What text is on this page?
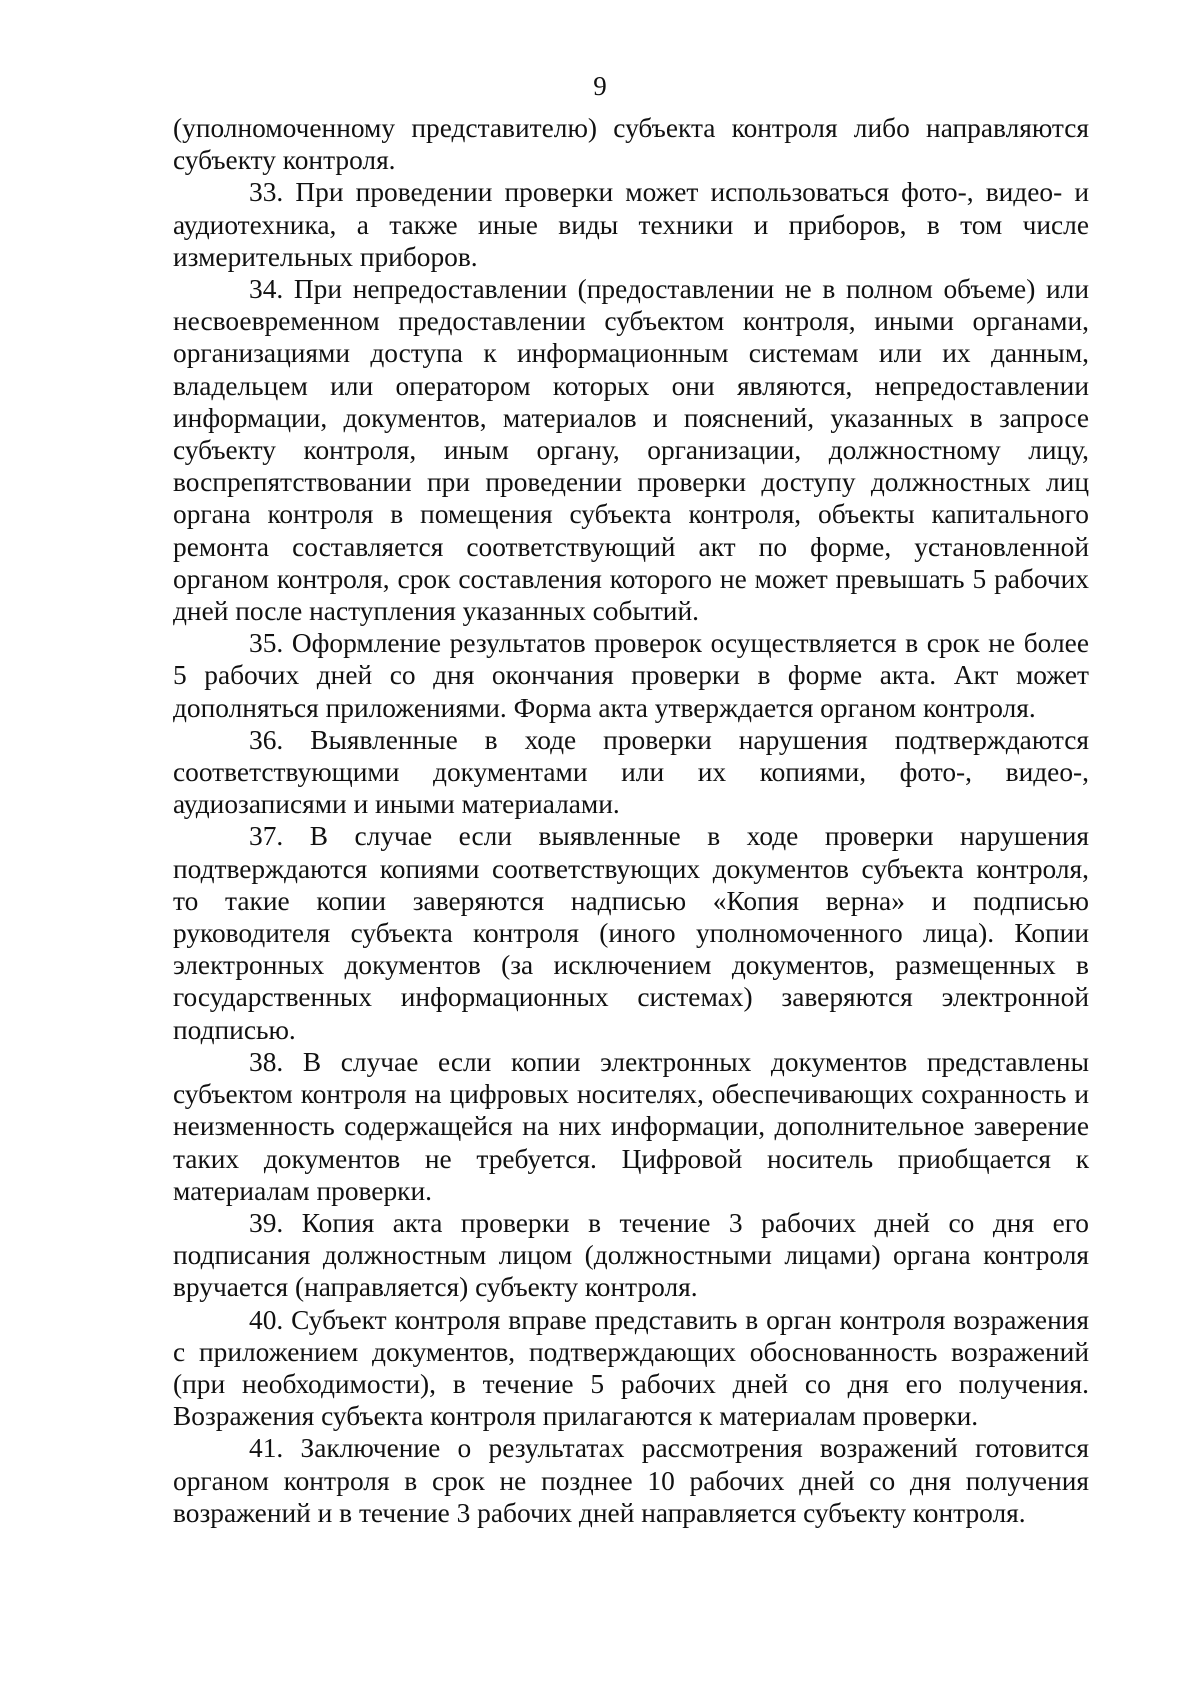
9

(уполномоченному представителю) субъекта контроля либо направляются субъекту контроля.

33. При проведении проверки может использоваться фото-, видео- и аудиотехника, а также иные виды техники и приборов, в том числе измерительных приборов.

34. При непредоставлении (предоставлении не в полном объеме) или несвоевременном предоставлении субъектом контроля, иными органами, организациями доступа к информационным системам или их данным, владельцем или оператором которых они являются, непредоставлении информации, документов, материалов и пояснений, указанных в запросе субъекту контроля, иным органу, организации, должностному лицу, воспрепятствовании при проведении проверки доступу должностных лиц органа контроля в помещения субъекта контроля, объекты капитального ремонта составляется соответствующий акт по форме, установленной органом контроля, срок составления которого не может превышать 5 рабочих дней после наступления указанных событий.

35. Оформление результатов проверок осуществляется в срок не более 5 рабочих дней со дня окончания проверки в форме акта. Акт может дополняться приложениями. Форма акта утверждается органом контроля.

36. Выявленные в ходе проверки нарушения подтверждаются соответствующими документами или их копиями, фото-, видео-, аудиозаписями и иными материалами.

37. В случае если выявленные в ходе проверки нарушения подтверждаются копиями соответствующих документов субъекта контроля, то такие копии заверяются надписью «Копия верна» и подписью руководителя субъекта контроля (иного уполномоченного лица). Копии электронных документов (за исключением документов, размещенных в государственных информационных системах) заверяются электронной подписью.

38. В случае если копии электронных документов представлены субъектом контроля на цифровых носителях, обеспечивающих сохранность и неизменность содержащейся на них информации, дополнительное заверение таких документов не требуется. Цифровой носитель приобщается к материалам проверки.

39. Копия акта проверки в течение 3 рабочих дней со дня его подписания должностным лицом (должностными лицами) органа контроля вручается (направляется) субъекту контроля.

40. Субъект контроля вправе представить в орган контроля возражения с приложением документов, подтверждающих обоснованность возражений (при необходимости), в течение 5 рабочих дней со дня его получения. Возражения субъекта контроля прилагаются к материалам проверки.

41. Заключение о результатах рассмотрения возражений готовится органом контроля в срок не позднее 10 рабочих дней со дня получения возражений и в течение 3 рабочих дней направляется субъекту контроля.
